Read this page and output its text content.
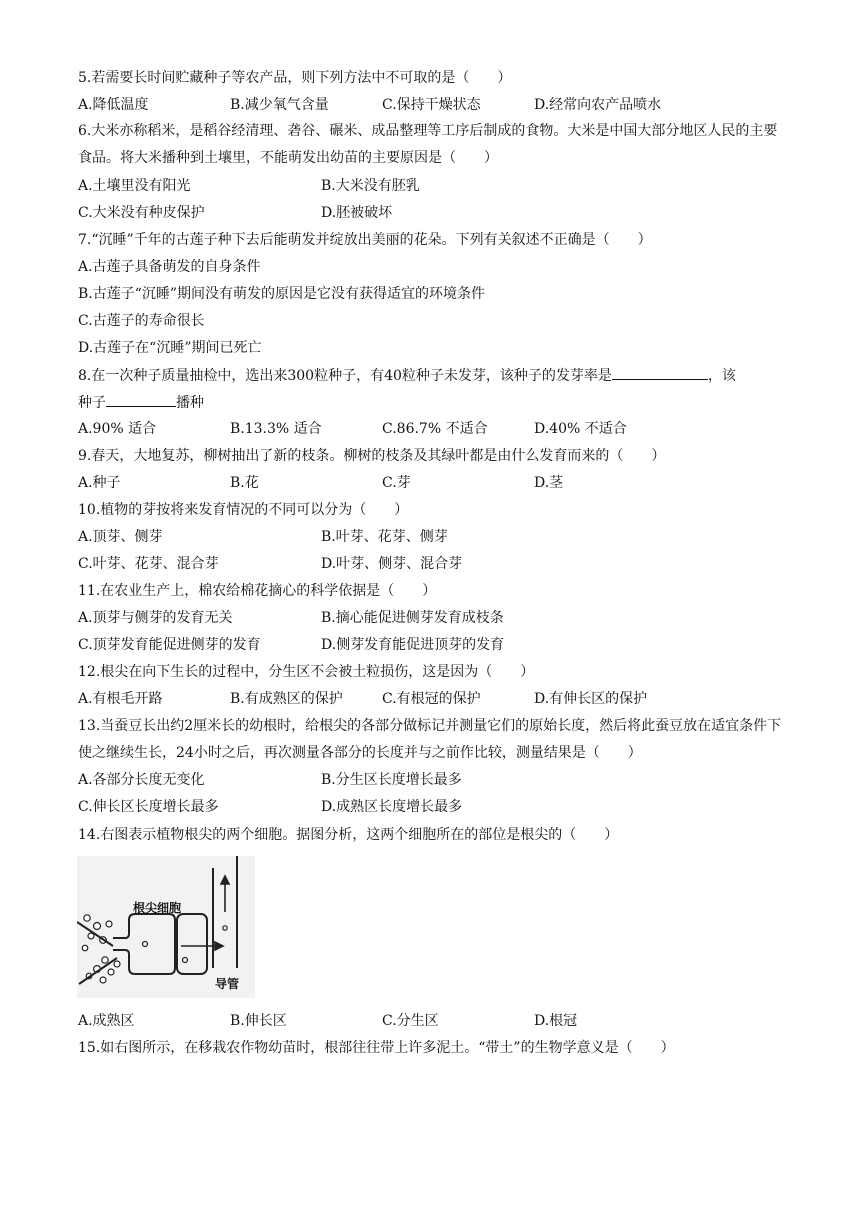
5.若需要长时间贮藏种子等农产品，则下列方法中不可取的是（　　）
A.降低温度	B.减少氧气含量	C.保持干燥状态	D.经常向农产品喷水
6.大米亦称稻米，是稻谷经清理、砻谷、碾米、成品整理等工序后制成的食物。大米是中国大部分地区人民的主要食品。将大米播种到土壤里，不能萌发出幼苗的主要原因是（　　）
A.土壤里没有阳光	B.大米没有胚乳
C.大米没有种皮保护	D.胚被破坏
7.“沉睡”千年的古莲子种下去后能萌发并绽放出美丽的花朵。下列有关叙述不正确是（　　）
A.古莲子具备萌发的自身条件
B.古莲子“沉睡”期间没有萌发的原因是它没有获得适宜的环境条件
C.古莲子的寿命很长
D.古莲子在“沉睡”期间已死亡
8.在一次种子质量抽检中，选出来300粒种子，有40粒种子未发芽，该种子的发芽率是	，该
种子	播种
A.90% 适合	B.13.3% 适合	C.86.7% 不适合	D.40% 不适合
9.春天，大地复苏，柳树抽出了新的枝条。柳树的枝条及其绿叶都是由什么发育而来的（　　）
A.种子	B.花	C.芽	D.茎
10.植物的芽按将来发育情况的不同可以分为（　　）
A.顶芽、侧芽	B.叶芽、花芽、侧芽
C.叶芽、花芽、混合芽	D.叶芽、侧芽、混合芽
11.在农业生产上，棉农给棉花摘心的科学依据是（　　）
A.顶芽与侧芽的发育无关	B.摘心能促进侧芽发育成枝条
C.顶芽发育能促进侧芽的发育	D.侧芽发育能促进顶芽的发育
12.根尖在向下生长的过程中，分生区不会被土粒损伤，这是因为（　　）
A.有根毛开路	B.有成熟区的保护	C.有根冠的保护	D.有伸长区的保护
13.当蚕豆长出约2厘米长的幼根时，给根尖的各部分做标记并测量它们的原始长度，然后将此蚕豆放在适宜条件下使之继续生长，24小时之后，再次测量各部分的长度并与之前作比较，测量结果是（　　）
A.各部分长度无变化	B.分生区长度增长最多
C.伸长区长度增长最多	D.成熟区长度增长最多
14.右图表示植物根尖的两个细胞。据图分析，这两个细胞所在的部位是根尖的（　　）
根尖细胞
导管
A.成熟区	B.伸长区	C.分生区	D.根冠
15.如右图所示，在移栽农作物幼苗时，根部往往带上许多泥土。“带土”的生物学意义是（　　）
